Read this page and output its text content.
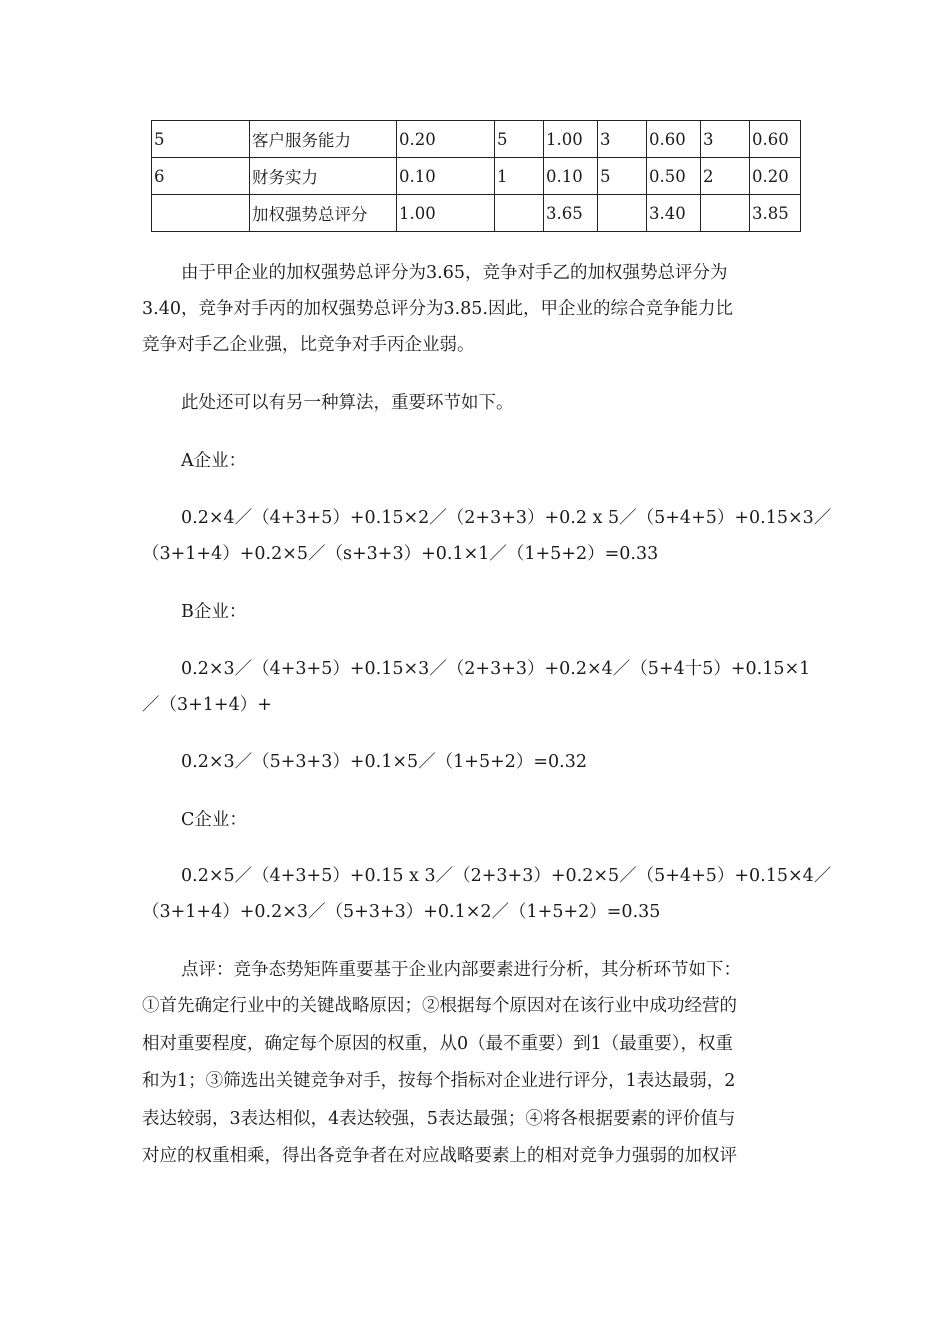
5	客户服务能力	0.20	5	1.00	3	0.60	3	0.60
6	财务实力	0.10	1	0.10	5	0.50	2	0.20
	加权强势总评分	1.00		3.65		3.40		3.85

由于甲企业的加权强势总评分为3.65，竞争对手乙的加权强势总评分为

3.40，竞争对手丙的加权强势总评分为3.85.因此，甲企业的综合竞争能力比

竞争对手乙企业强，比竞争对手丙企业弱。

此处还可以有另一种算法，重要环节如下。

A企业：

0.2×4／（4+3+5）+0.15×2／（2+3+3）+0.2 x 5／（5+4+5）+0.15×3／

（3+1+4）+0.2×5／（s+3+3）+0.1×1／（1+5+2）=0.33

B企业：

0.2×3／（4+3+5）+0.15×3／（2+3+3）+0.2×4／（5+4十5）+0.15×1

／（3+1+4）+

0.2×3／（5+3+3）+0.1×5／（1+5+2）=0.32

C企业：

0.2×5／（4+3+5）+0.15 x 3／（2+3+3）+0.2×5／（5+4+5）+0.15×4／

（3+1+4）+0.2×3／（5+3+3）+0.1×2／（1+5+2）=0.35

点评：竞争态势矩阵重要基于企业内部要素进行分析，其分析环节如下：

①首先确定行业中的关键战略原因；②根据每个原因对在该行业中成功经营的

相对重要程度，确定每个原因的权重，从0（最不重要）到1（最重要），权重

和为1；③筛选出关键竞争对手，按每个指标对企业进行评分，1表达最弱，2

表达较弱，3表达相似，4表达较强，5表达最强；④将各根据要素的评价值与

对应的权重相乘，得出各竞争者在对应战略要素上的相对竞争力强弱的加权评
